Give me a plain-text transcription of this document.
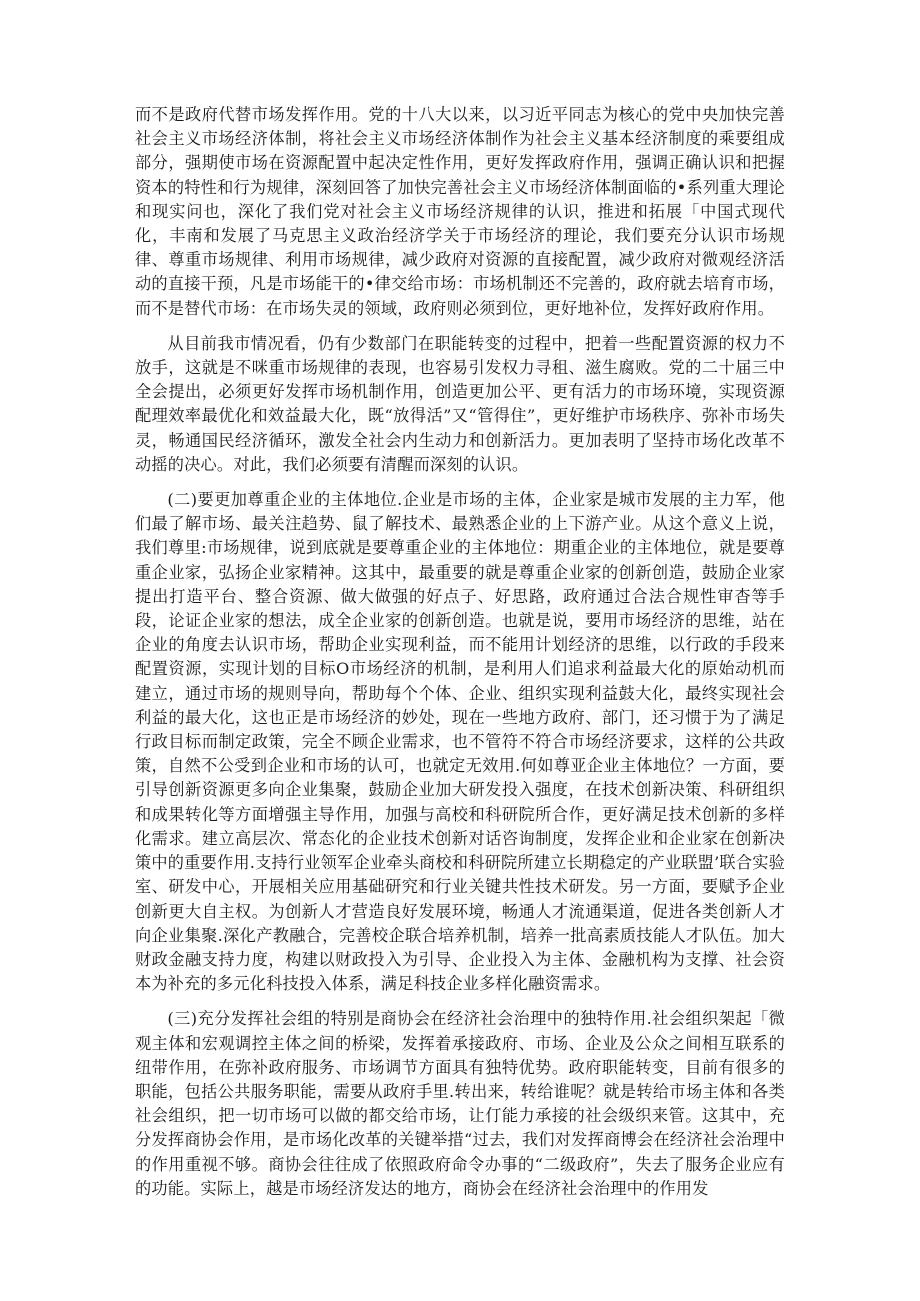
而不是政府代替市场发挥作用。党的十八大以来，以习近平同志为核心的党中央加快完善社会主义市场经济体制，将社会主义市场经济体制作为社会主义基本经济制度的乘要组成部分，强期使市场在资源配置中起决定性作用，更好发挥政府作用，强调正确认识和把握资本的特性和行为规律，深刻回答了加快完善社会主义市场经济体制面临的•系列重大理论和现实问也，深化了我们党对社会主义市场经济规律的认识，推进和拓展「中国式现代化，丰南和发展了马克思主义政治经济学关于市场经济的理论，我们要充分认识市场规律、尊重市场规律、利用市场规律，减少政府对资源的直接配置，减少政府对微观经济活动的直接干预，凡是市场能干的•律交给市场：市场机制还不完善的，政府就去培育市场，而不是替代市场：在市场失灵的领域，政府则必须到位，更好地补位，发挥好政府作用。

从目前我市情况看，仍有少数部门在职能转变的过程中，把着一些配置资源的权力不放手，这就是不咪重市场规律的表现，也容易引发权力寻租、滋生腐败。党的二十届三中全会提出，必须更好发挥市场机制作用，创造更加公平、更有活力的市场环境，实现资源配理效率最优化和效益最大化，既“放得活”又“管得住”，更好维护市场秩序、弥补市场失灵，畅通国民经济循环，激发全社会内生动力和创新活力。更加表明了坚持市场化改革不动摇的决心。对此，我们必须要有清醒而深刻的认识。

(二)要更加尊重企业的主体地位.企业是市场的主体，企业家是城市发展的主力军，他们最了解市场、最关注趋势、鼠了解技术、最熟悉企业的上下游产业。从这个意义上说，我们尊里:市场规律，说到底就是要尊重企业的主体地位：期重企业的主体地位，就是要尊重企业家，弘扬企业家精神。这其中，最重要的就是尊重企业家的创新创造，鼓励企业家提出打造平台、整合资源、做大做强的好点子、好思路，政府通过合法合规性审杳等手段，论证企业家的想法，成全企业家的创新创造。也就是说，要用市场经济的思维，站在企业的角度去认识市场，帮助企业实现利益，而不能用计划经济的思维，以行政的手段来配置资源，实现计划的目标O市场经济的机制，是利用人们追求利益最大化的原始动机而建立，通过市场的规则导向，帮助每个个体、企业、组织实现利益鼓大化，最终实现社会利益的最大化，这也正是市场经济的妙处，现在一些地方政府、部门，还习惯于为了满足行政目标而制定政策，完全不顾企业需求，也不管符不符合市场经济要求，这样的公共政策，自然不公受到企业和市场的认可，也就定无效用.何如尊亚企业主体地位？一方面，要引导创新资源更多向企业集聚，鼓励企业加大研发投入强度，在技术创新决策、科研组织和成果转化等方面增强主导作用，加强与高校和科研院所合作，更好满足技术创新的多样化需求。建立高层次、常态化的企业技术创新对话咨询制度，发挥企业和企业家在创新决策中的重要作用.支持行业领军企业牵头商校和科研院所建立长期稳定的产业联盟’联合实验室、研发中心，开展相关应用基础研究和行业关键共性技术研发。另一方面，要赋予企业创新更大自主权。为创新人才营造良好发展环境，畅通人才流通渠道，促进各类创新人才向企业集聚.深化产教融合，完善校企联合培养机制，培养一批高素质技能人才队伍。加大财政金融支持力度，构建以财政投入为引导、企业投入为主体、金融机构为支撑、社会资本为补充的多元化科技投入体系，满足科技企业多样化融资需求。

(三)充分发挥社会组的特别是商协会在经济社会治理中的独特作用.社会组织架起「微观主体和宏观调控主体之间的桥梁，发挥着承接政府、市场、企业及公众之间相互联系的纽带作用，在弥补政府服务、市场调节方面具有独特优势。政府职能转变，目前有很多的职能，包括公共服务职能，需要从政府手里.转出来，转给谁呢？就是转给市场主体和各类社会组织，把一切市场可以做的都交给市场，让仃能力承接的社会级织来管。这其中，充分发挥商协会作用，是市场化改革的关键举措“过去，我们对发挥商博会在经济社会治理中的作用重视不够。商协会往往成了依照政府命令办事的“二级政府”，失去了服务企业应有的功能。实际上，越是市场经济发达的地方，商协会在经济社会治理中的作用发
